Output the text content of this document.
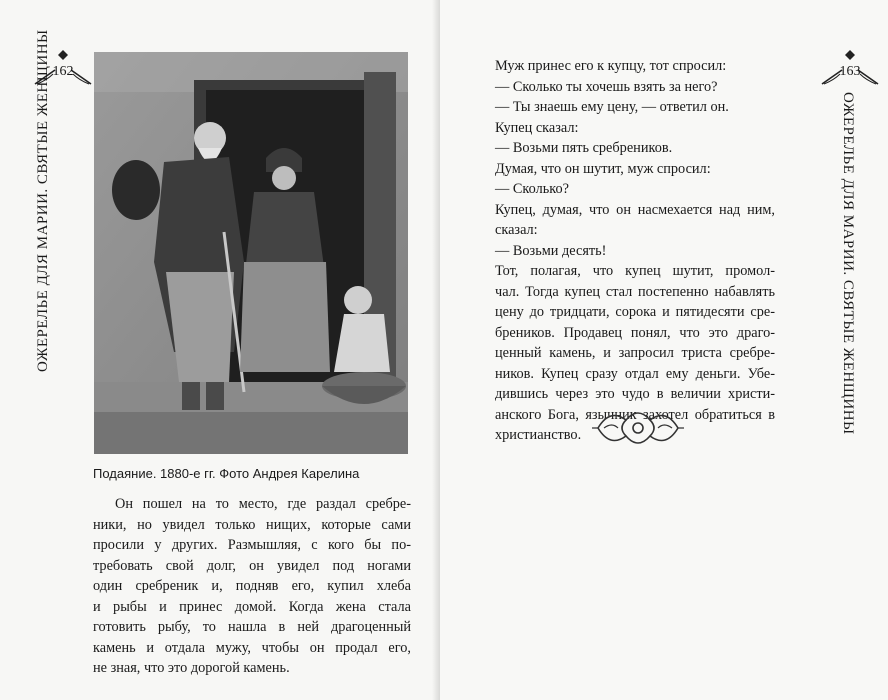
162
ОЖЕРЕЛЬЕ ДЛЯ МАРИИ. СВЯТЫЕ ЖЕНЩИНЫ
Подаяние. 1880-е гг. Фото Андрея Карелина
Он пошел на то место, где раздал сребре-
ники, но увидел только нищих, которые сами
просили у других. Размышляя, с кого бы по-
требовать свой долг, он увидел под ногами
один сребреник и, подняв его, купил хлеба
и рыбы и принес домой. Когда жена стала
готовить рыбу, то нашла в ней драгоценный
камень и отдала мужу, чтобы он продал его,
не зная, что это дорогой камень.
163
ОЖЕРЕЛЬЕ ДЛЯ МАРИИ. СВЯТЫЕ ЖЕНЩИНЫ
Муж принес его к купцу, тот спросил:
— Сколько ты хочешь взять за него?
— Ты знаешь ему цену, — ответил он.
Купец сказал:
— Возьми пять сребреников.
Думая, что он шутит, муж спросил:
— Сколько?
Купец, думая, что он насмехается над ним,
сказал:
— Возьми десять!
Тот, полагая, что купец шутит, промол-
чал. Тогда купец стал постепенно набавлять
цену до тридцати, сорока и пятидесяти сре-
бреников. Продавец понял, что это драго-
ценный камень, и запросил триста сребре-
ников. Купец сразу отдал ему деньги. Убе-
дившись через это чудо в величии христи-
анского Бога, язычник захотел обратиться в
христианство.
